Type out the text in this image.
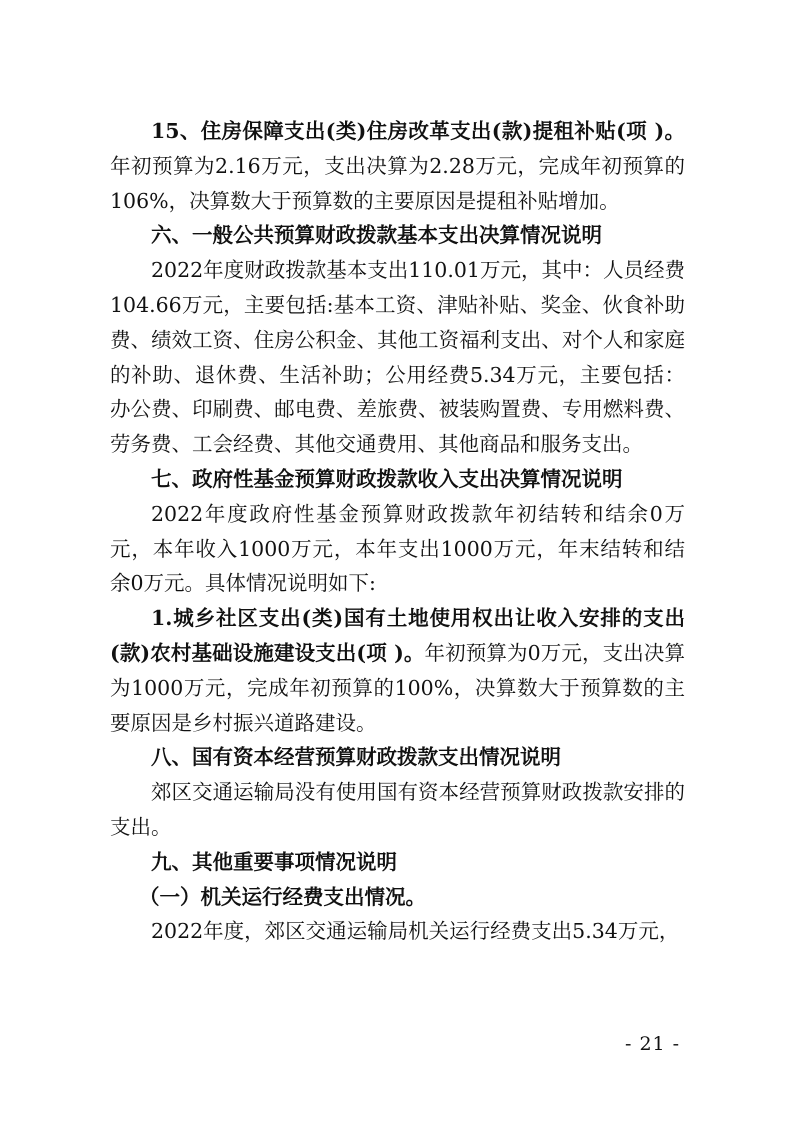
15、住房保障支出(类)住房改革支出(款)提租补贴(项 )。年初预算为2.16万元，支出决算为2.28万元，完成年初预算的106%，决算数大于预算数的主要原因是提租补贴增加。

六、一般公共预算财政拨款基本支出决算情况说明

2022年度财政拨款基本支出110.01万元，其中：人员经费104.66万元，主要包括:基本工资、津贴补贴、奖金、伙食补助费、绩效工资、住房公积金、其他工资福利支出、对个人和家庭的补助、退休费、生活补助；公用经费5.34万元，主要包括：办公费、印刷费、邮电费、差旅费、被装购置费、专用燃料费、劳务费、工会经费、其他交通费用、其他商品和服务支出。

七、政府性基金预算财政拨款收入支出决算情况说明

2022年度政府性基金预算财政拨款年初结转和结余0万元，本年收入1000万元，本年支出1000万元，年末结转和结余0万元。具体情况说明如下:

1.城乡社区支出(类)国有土地使用权出让收入安排的支出(款)农村基础设施建设支出(项 )。年初预算为0万元，支出决算为1000万元，完成年初预算的100%，决算数大于预算数的主要原因是乡村振兴道路建设。

八、国有资本经营预算财政拨款支出情况说明

郊区交通运输局没有使用国有资本经营预算财政拨款安排的支出。

九、其他重要事项情况说明

（一）机关运行经费支出情况。

2022年度，郊区交通运输局机关运行经费支出5.34万元，

- 21 -
